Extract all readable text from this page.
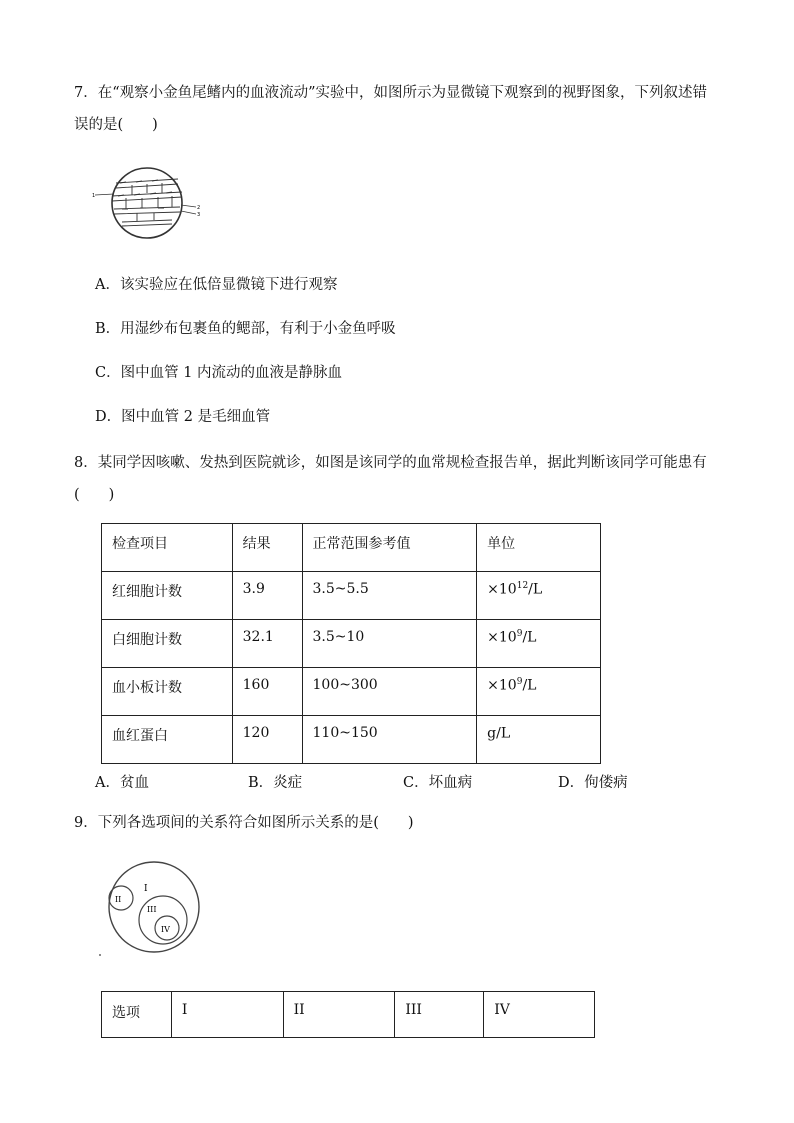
7．在“观察小金鱼尾鳍内的血液流动”实验中，如图所示为显微镜下观察到的视野图象，下列叙述错
误的是(　　)
1
2
3
A．该实验应在低倍显微镜下进行观察
B．用湿纱布包裹鱼的鳃部，有利于小金鱼呼吸
C．图中血管 1 内流动的血液是静脉血
D．图中血管 2 是毛细血管
8．某同学因咳嗽、发热到医院就诊，如图是该同学的血常规检查报告单，据此判断该同学可能患有
(　　)
检查项目	结果	正常范围参考值	单位
红细胞计数	3.9	3.5~5.5	$\times 10^{12}/L$
白细胞计数	32.1	3.5~10	$\times 10^9/L$
血小板计数	160	100~300	$\times 10^9/L$
血红蛋白	120	110~150	g/L
A．贫血	B．炎症	C．坏血病	D．佝偻病
9．下列各选项间的关系符合如图所示关系的是(　　)
I
II
III
IV
选项	I	II	III	IV
